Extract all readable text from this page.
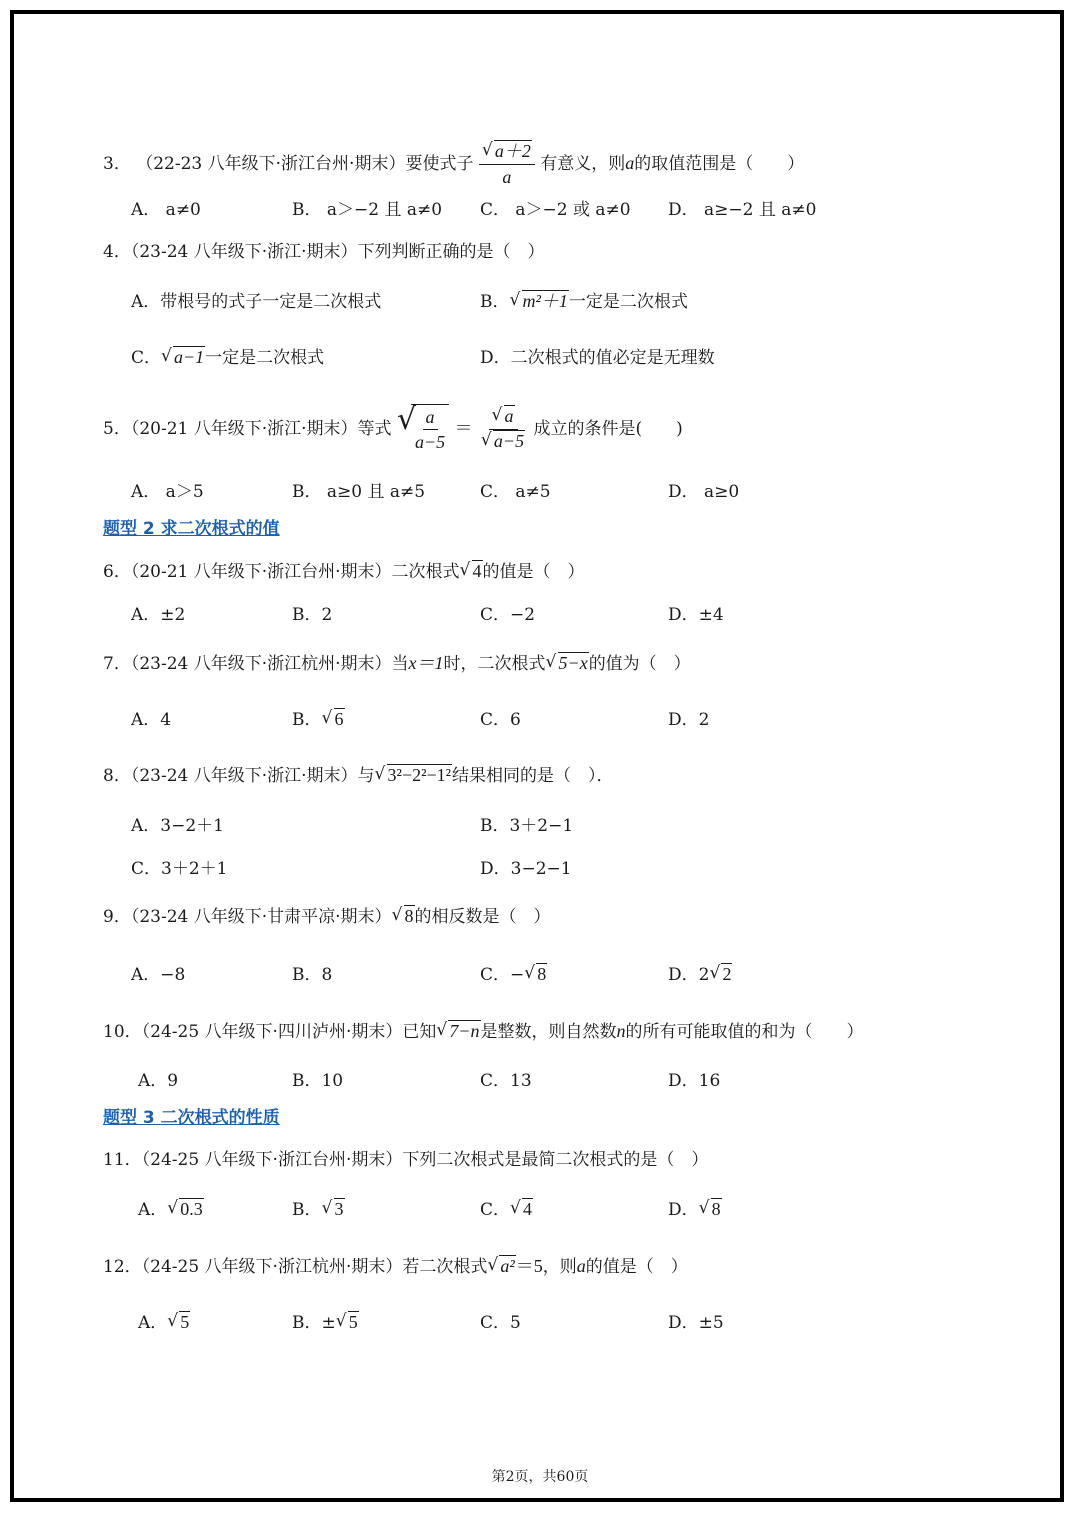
3． （22-23 八年级下·浙江台州·期末）要使式子 $\frac{√ a+2}{a}$ 有意义，则a的取值范围是（　　）
A． a≠0	B． a＞−2 且 a≠0 C． a＞−2 或 a≠0 D． a≥−2 且 a≠0
4．（23-24 八年级下·浙江·期末）下列判断正确的是（　）
A．带根号的式子一定是二次根式	B． √ m²＋1一定是二次根式
C． √ a−1一定是二次根式	D．二次根式的值必定是无理数
5．（20-21 八年级下·浙江·期末）等式 √
$\frac{a}{a-5} = \frac{√ a}{√ a-5}$ 成立的条件是(　　)
A． a＞5	B． a≥0 且 a≠5	C． a≠5	D． a≥0
题型 2 求二次根式的值
6．（20-21 八年级下·浙江台州·期末）二次根式 √ 4的值是（　）
A．±2	B．2	C．−2	D．±4
7．（23-24 八年级下·浙江杭州·期末）当x＝1时，二次根式 √ 5−x的值为（　）
A．4	B． √ 6	C．6	D．2
8．（23-24 八年级下·浙江·期末）与 √ 3²−2²−1²结果相同的是（　）．
A．3−2＋1	B．3＋2−1
C．3＋2＋1	D．3−2−1
9．（23-24 八年级下·甘肃平凉·期末） √ 8的相反数是（　）
A．−8	B．8	C．− √ 8	D．2 √ 2
10．（24-25 八年级下·四川泸州·期末）已知 √ 7−n是整数，则自然数n的所有可能取值的和为（　　）
A．9	B．10	C．13	D．16
题型 3 二次根式的性质
11．（24-25 八年级下·浙江台州·期末）下列二次根式是最简二次根式的是（　）
A． √ 0.3	B． √ 3	C． √ 4	D． √ 8
12．（24-25 八年级下·浙江杭州·期末）若二次根式 √ a²＝5，则a的值是（　）
A． √ 5	B．± √ 5	C．5	D．±5
第2页，共60页
